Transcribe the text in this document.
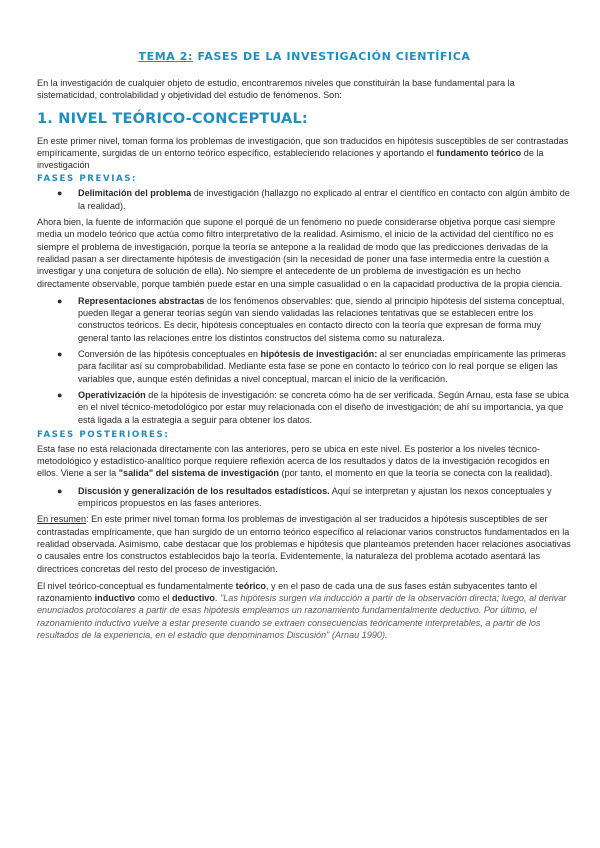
TEMA 2: FASES DE LA INVESTIGACIÓN CIENTÍFICA

En la investigación de cualquier objeto de estudio, encontraremos niveles que constituirán la base fundamental para la sistematicidad, controlabilidad y objetividad del estudio de fenómenos. Son:

1. NIVEL TEÓRICO-CONCEPTUAL:

En este primer nivel, toman forma los problemas de investigación, que son traducidos en hipótesis susceptibles de ser contrastadas empíricamente, surgidas de un entorno teórico específico, estableciendo relaciones y aportando el fundamento teórico de la investigación

FASES PREVIAS:
● Delimitación del problema de investigación (hallazgo no explicado al entrar el científico en contacto con algún ámbito de la realidad).

Ahora bien, la fuente de información que supone el porqué de un fenómeno no puede considerarse objetiva porque casi siempre media un modelo teórico que actúa como filtro interpretativo de la realidad. Asimismo, el inicio de la actividad del científico no es siempre el problema de investigación, porque la teoría se antepone a la realidad de modo que las predicciones derivadas de la realidad pasan a ser directamente hipótesis de investigación (sin la necesidad de poner una fase intermedia entre la cuestión a investigar y una conjetura de solución de ella). No siempre el antecedente de un problema de investigación es un hecho directamente observable, porque también puede estar en una simple casualidad o en la capacidad productiva de la propia ciencia.

● Representaciones abstractas de los fenómenos observables: que, siendo al principio hipótesis del sistema conceptual, pueden llegar a generar teorías según van siendo validadas las relaciones tentativas que se establecen entre los constructos teóricos. Es decir, hipótesis conceptuales en contacto directo con la teoría que expresan de forma muy general tanto las relaciones entre los distintos constructos del sistema como su naturaleza.
● Conversión de las hipótesis conceptuales en hipótesis de investigación: al ser enunciadas empíricamente las primeras para facilitar así su comprobabilidad. Mediante esta fase se pone en contacto lo teórico con lo real porque se eligen las variables que, aunque estén definidas a nivel conceptual, marcan el inicio de la verificación.
● Operativización de la hipótesis de investigación: se concreta cómo ha de ser verificada. Según Arnau, esta fase se ubica en el nivel técnico-metodológico por estar muy relacionada con el diseño de investigación; de ahí su importancia, ya que está ligada a la estrategia a seguir para obtener los datos.
FASES POSTERIORES:

Esta fase no está relacionada directamente con las anteriores, pero se ubica en este nivel. Es posterior a los niveles técnico-metodológico y estadístico-analítico porque requiere reflexión acerca de los resultados y datos de la investigación recogidos en ellos. Viene a ser la "salida" del sistema de investigación (por tanto, el momento en que la teoría se conecta con la realidad).

● Discusión y generalización de los resultados estadísticos. Aquí se interpretan y ajustan los nexos conceptuales y empíricos propuestos en las fases anteriores.

En resumen: En este primer nivel toman forma los problemas de investigación al ser traducidos a hipótesis susceptibles de ser contrastadas empíricamente, que han surgido de un entorno teórico específico al relacionar varios constructos fundamentados en la realidad observada. Asimismo, cabe destacar que los problemas e hipótesis que planteamos pretenden hacer relaciones asociativas o causales entre los constructos establecidos bajo la teoría. Evidentemente, la naturaleza del problema acotado asentará las directrices concretas del resto del proceso de investigación.

El nivel teórico-conceptual es fundamentalmente teórico, y en el paso de cada una de sus fases están subyacentes tanto el razonamiento inductivo como el deductivo. "Las hipótesis surgen vía inducción a partir de la observación directa; luego, al derivar enunciados protocolares a partir de esas hipótesis empleamos un razonamiento fundamentalmente deductivo. Por último, el razonamiento inductivo vuelve a estar presente cuando se extraen consecuencias teóricamente interpretables, a partir de los resultados de la experiencia, en el estadio que denominamos Discusión" (Arnau 1990).
